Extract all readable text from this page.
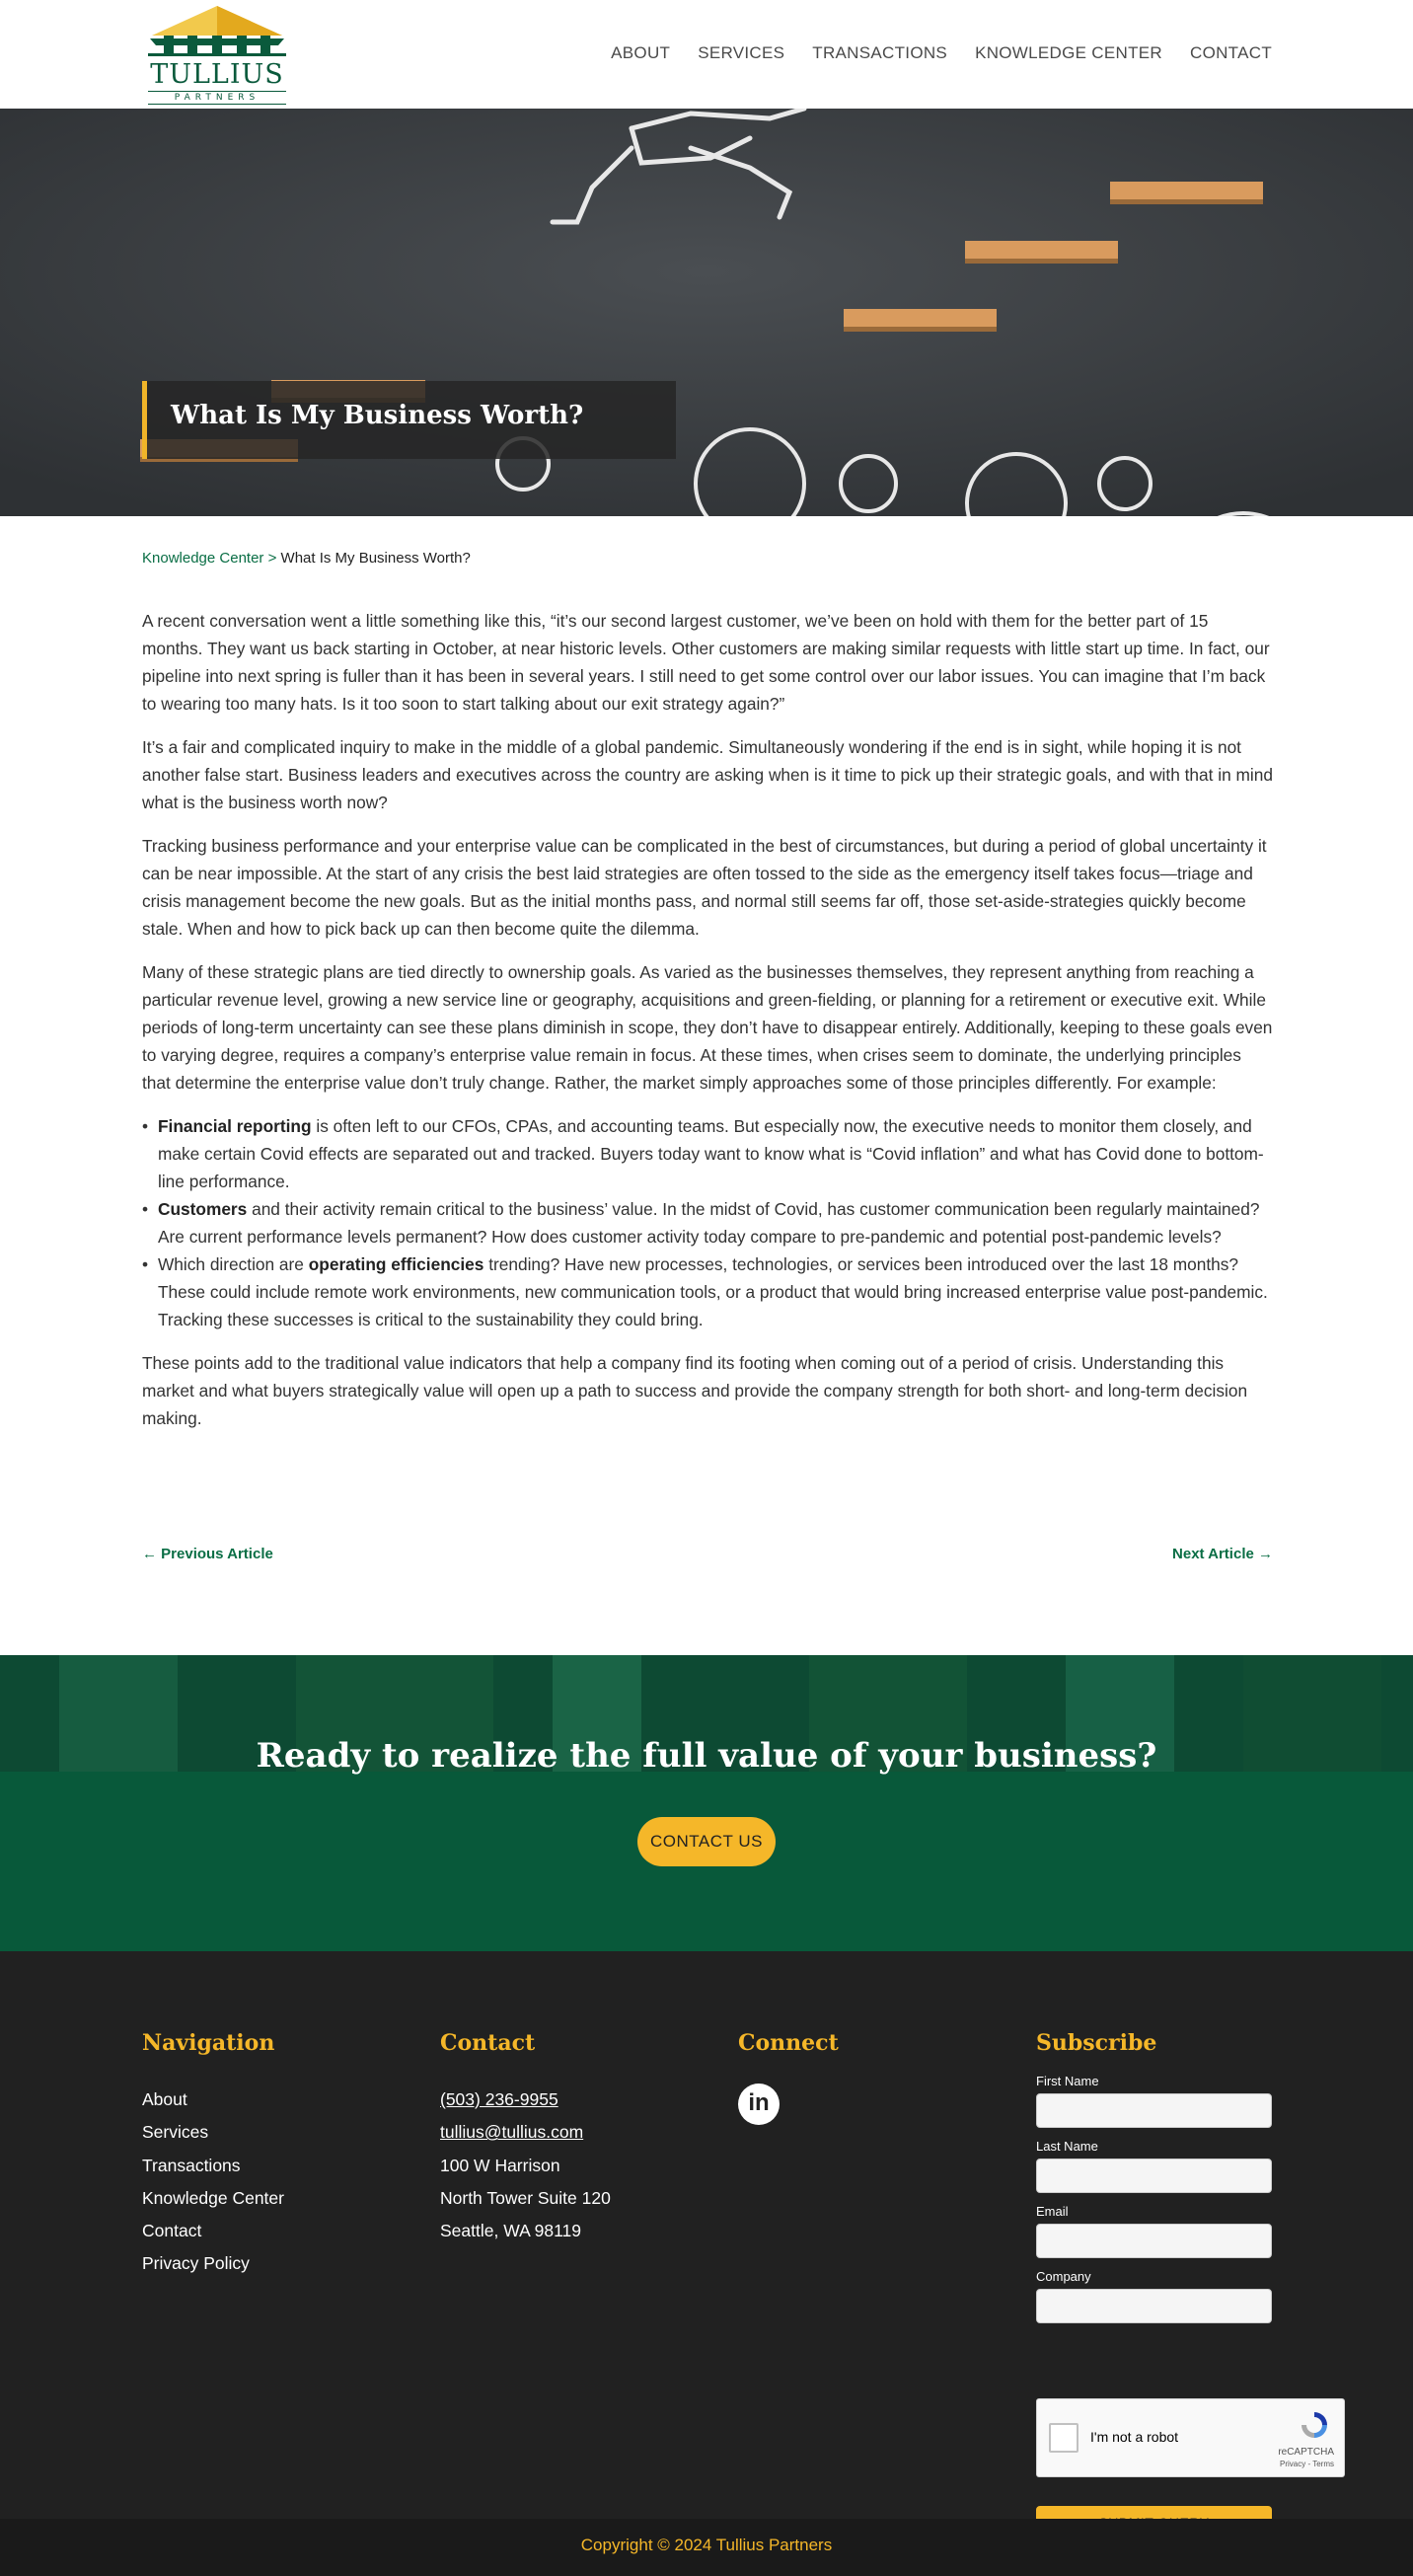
TULLIUS
PARTNERS
ABOUT SERVICES TRANSACTIONS KNOWLEDGE CENTER CONTACT
What Is My Business Worth?
Knowledge Center > What Is My Business Worth?

A recent conversation went a little something like this, “it’s our second largest customer, we’ve been on hold with them for the better part of 15 months. They want us back starting in October, at near historic levels. Other customers are making similar requests with little start up time. In fact, our pipeline into next spring is fuller than it has been in several years. I still need to get some control over our labor issues. You can imagine that I’m back to wearing too many hats. Is it too soon to start talking about our exit strategy again?”

It’s a fair and complicated inquiry to make in the middle of a global pandemic. Simultaneously wondering if the end is in sight, while hoping it is not another false start. Business leaders and executives across the country are asking when is it time to pick up their strategic goals, and with that in mind what is the business worth now?

Tracking business performance and your enterprise value can be complicated in the best of circumstances, but during a period of global uncertainty it can be near impossible. At the start of any crisis the best laid strategies are often tossed to the side as the emergency itself takes focus—triage and crisis management become the new goals. But as the initial months pass, and normal still seems far off, those set-aside-strategies quickly become stale. When and how to pick back up can then become quite the dilemma.

Many of these strategic plans are tied directly to ownership goals. As varied as the businesses themselves, they represent anything from reaching a particular revenue level, growing a new service line or geography, acquisitions and green-fielding, or planning for a retirement or executive exit. While periods of long-term uncertainty can see these plans diminish in scope, they don’t have to disappear entirely. Additionally, keeping to these goals even to varying degree, requires a company’s enterprise value remain in focus. At these times, when crises seem to dominate, the underlying principles that determine the enterprise value don’t truly change. Rather, the market simply approaches some of those principles differently. For example:

• Financial reporting is often left to our CFOs, CPAs, and accounting teams. But especially now, the executive needs to monitor them closely, and make certain Covid effects are separated out and tracked. Buyers today want to know what is “Covid inflation” and what has Covid done to bottom-line performance.
• Customers and their activity remain critical to the business’ value. In the midst of Covid, has customer communication been regularly maintained? Are current performance levels permanent? How does customer activity today compare to pre-pandemic and potential post-pandemic levels?
• Which direction are operating efficiencies trending? Have new processes, technologies, or services been introduced over the last 18 months? These could include remote work environments, new communication tools, or a product that would bring increased enterprise value post-pandemic. Tracking these successes is critical to the sustainability they could bring.

These points add to the traditional value indicators that help a company find its footing when coming out of a period of crisis. Understanding this market and what buyers strategically value will open up a path to success and provide the company strength for both short- and long-term decision making.

← Previous Article	Next Article →
Ready to realize the full value of your business?
CONTACT US
Navigation
About
Services
Transactions
Knowledge Center
Contact
Privacy Policy
Contact
(503) 236-9955
tullius@tullius.com
100 W Harrison
North Tower Suite 120
Seattle, WA 98119
Connect
in
Subscribe
First Name
Last Name
Email
Company
I'm not a robot
reCAPTCHA
Privacy - Terms
Copyright © 2024 Tullius Partners
